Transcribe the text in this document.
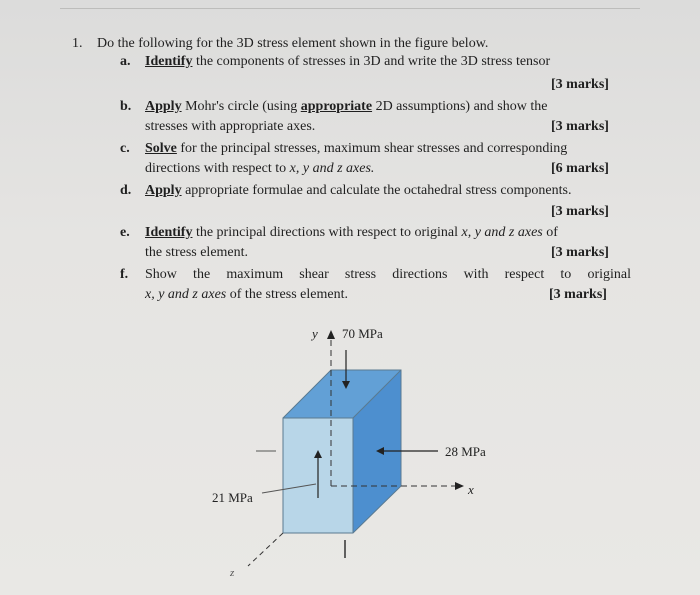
1. Do the following for the 3D stress element shown in the figure below.
a. Identify the components of stresses in 3D and write the 3D stress tensor
[3 marks]
b. Apply Mohr's circle (using appropriate 2D assumptions) and show the
stresses with appropriate axes.	[3 marks]
c. Solve for the principal stresses, maximum shear stresses and corresponding
directions with respect to x, y and z axes.	[6 marks]
d. Apply appropriate formulae and calculate the octahedral stress components.
[3 marks]
e. Identify the principal directions with respect to original x, y and z axes of
the stress element.	[3 marks]
f. Show the maximum shear stress directions with respect to original
x, y and z axes of the stress element.	[3 marks]
y 70 MPa
x
28 MPa
21 MPa
z
